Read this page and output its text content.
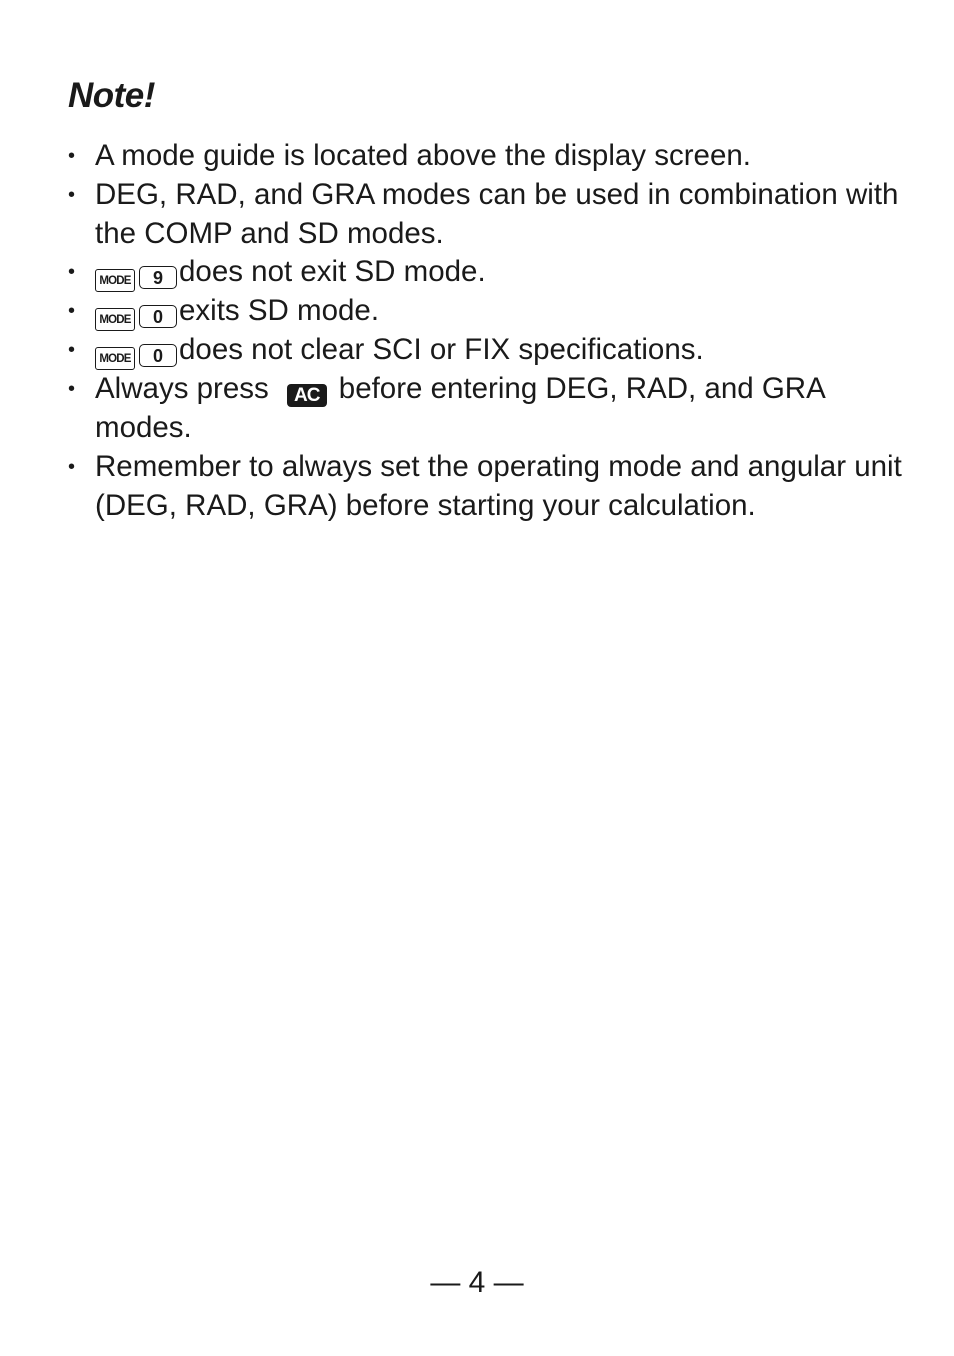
Note!
• A mode guide is located above the display screen.
• DEG, RAD, and GRA modes can be used in combination with the COMP and SD modes.
• MODE 9 does not exit SD mode.
• MODE 0 exits SD mode.
• MODE 0 does not clear SCI or FIX specifications.
• Always press AC before entering DEG, RAD, and GRA modes.
• Remember to always set the operating mode and angular unit (DEG, RAD, GRA) before starting your calculation.
— 4 —
